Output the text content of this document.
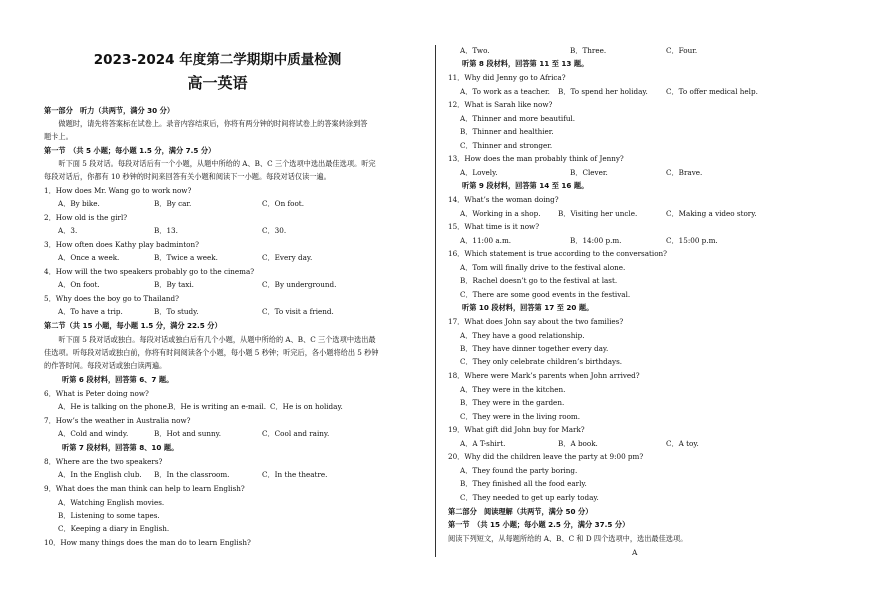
2023-2024 年度第二学期期中质量检测
高一英语
第一部分　听力（共两节，满分 30 分）
　　做题时，请先将答案标在试卷上。录音内容结束后，你将有两分钟的时间将试卷上的答案转涂到答
题卡上。
第一节　（共 5 小题；每小题 1.5 分，满分 7.5 分）
　　听下面 5 段对话。每段对话后有一个小题，从题中所给的 A、B、C 三个选项中选出最佳选项。听完
每段对话后，你都有 10 秒钟的时间来回答有关小题和阅读下一小题。每段对话仅读一遍。
1．How does Mr. Wang go to work now?
A．By bike.	B．By car.	C．On foot.
2．How old is the girl?
A．3.	B．13.	C．30.
3．How often does Kathy play badminton?
A．Once a week.	B．Twice a week.	C．Every day.
4．How will the two speakers probably go to the cinema?
A．On foot.	B．By taxi.	C．By underground.
5．Why does the boy go to Thailand?
A．To have a trip.	B．To study.	C．To visit a friend.
第二节（共 15 小题，每小题 1.5 分，满分 22.5 分）
　　听下面 5 段对话或独白。每段对话或独白后有几个小题，从题中所给的 A、B、C 三个选项中选出最
佳选项。听每段对话或独白前，你将有时间阅读各个小题，每小题 5 秒钟；听完后，各小题将给出 5 秒钟
的作答时间。每段对话或独白读两遍。
听第 6 段材料，回答第 6、7 题。
6．What is Peter doing now?
A．He is talking on the phone.
B．He is writing an e-mail. C．He is on holiday.
7．How’s the weather in Australia now?
A．Cold and windy.	B．Hot and sunny.	C．Cool and rainy.
听第 7 段材料，回答第 8、10 题。
8．Where are the two speakers?
A．In the English club. B．In the classroom.	C．In the theatre.
9．What does the man think can help to learn English?
A．Watching English movies.
B．Listening to some tapes.
C．Keeping a diary in English.
10．How many things does the man do to learn English?
A．Two.	B．Three.	C．Four.
听第 8 段材料，回答第 11 至 13 题。
11．Why did Jenny go to Africa?
A．To work as a teacher. B．To spend her holiday.	C．To offer medical help.
12．What is Sarah like now?
A．Thinner and more beautiful.
B．Thinner and healthier.
C．Thinner and stronger.
13．How does the man probably think of Jenny?
A．Lovely.	B．Clever.	C．Brave.
听第 9 段材料，回答第 14 至 16 题。
14．What’s the woman doing?
A．Working in a shop. B．Visiting her uncle.	C．Making a video story.
15．What time is it now?
A．11:00 a.m.	B．14:00 p.m.	C．15:00 p.m.
16．Which statement is true according to the conversation?
A．Tom will finally drive to the festival alone.
B．Rachel doesn’t go to the festival at last.
C．There are some good events in the festival.
听第 10 段材料，回答第 17 至 20 题。
17．What does John say about the two families?
A．They have a good relationship.
B．They have dinner together every day.
C．They only celebrate children’s birthdays.
18．Where were Mark’s parents when John arrived?
A．They were in the kitchen.
B．They were in the garden.
C．They were in the living room.
19．What gift did John buy for Mark?
A．A T-shirt.	B．A book.	C．A toy.
20．Why did the children leave the party at 9:00 pm?
A．They found the party boring.
B．They finished all the food early.
C．They needed to get up early today.
第二部分　阅读理解（共两节，满分 50 分）
第一节　（共 15 小题；每小题 2.5 分，满分 37.5 分）
阅读下列短文，从每题所给的 A、B、C 和 D 四个选项中，选出最佳选项。
A
